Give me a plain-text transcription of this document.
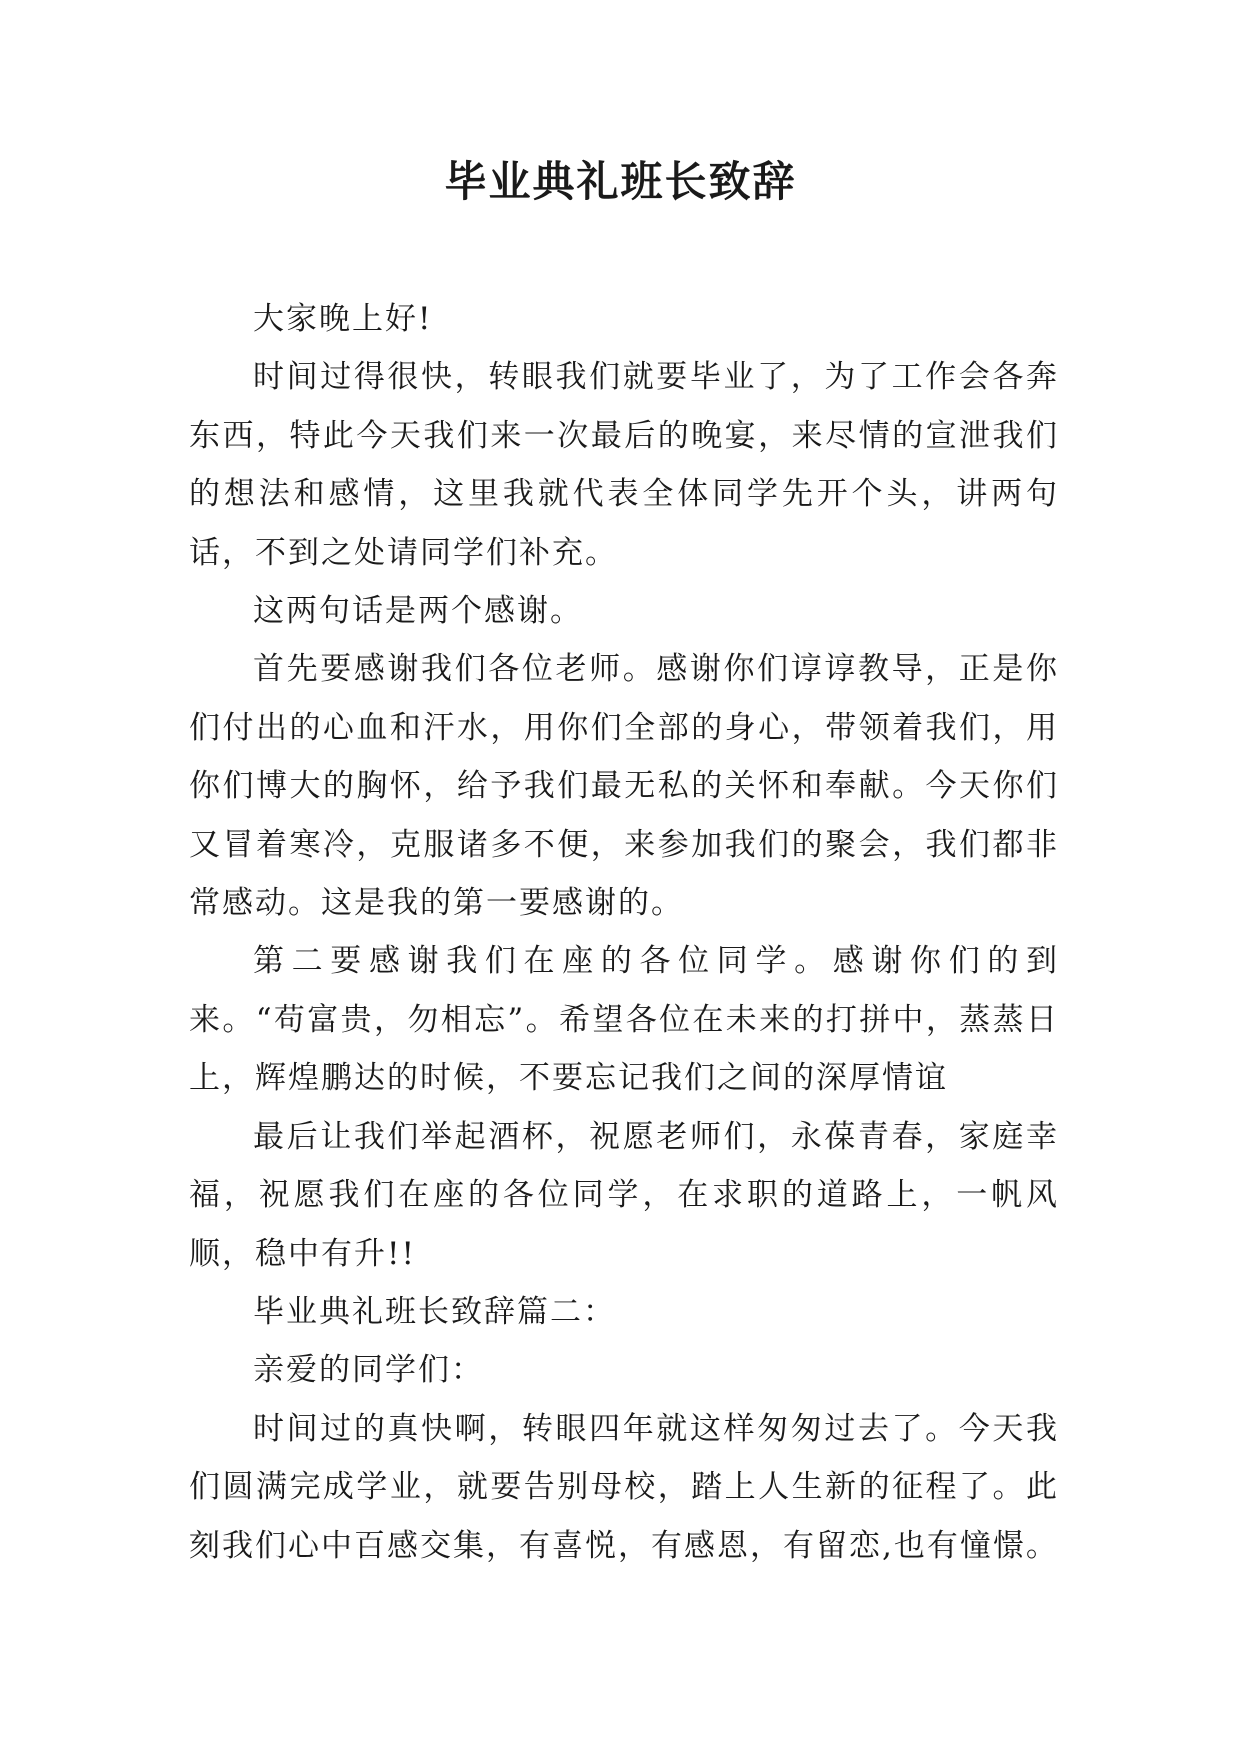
毕业典礼班长致辞

大家晚上好!

时间过得很快，转眼我们就要毕业了，为了工作会各奔东西，特此今天我们来一次最后的晚宴，来尽情的宣泄我们的想法和感情，这里我就代表全体同学先开个头，讲两句话，不到之处请同学们补充。

这两句话是两个感谢。

首先要感谢我们各位老师。感谢你们谆谆教导，正是你们付出的心血和汗水，用你们全部的身心，带领着我们，用你们博大的胸怀，给予我们最无私的关怀和奉献。今天你们又冒着寒冷，克服诸多不便，来参加我们的聚会，我们都非常感动。这是我的第一要感谢的。

第二要感谢我们在座的各位同学。感谢你们的到来。“苟富贵，勿相忘”。希望各位在未来的打拼中，蒸蒸日上，辉煌鹏达的时候，不要忘记我们之间的深厚情谊

最后让我们举起酒杯，祝愿老师们，永葆青春，家庭幸福，祝愿我们在座的各位同学，在求职的道路上，一帆风顺，稳中有升!!

毕业典礼班长致辞篇二：

亲爱的同学们：

时间过的真快啊，转眼四年就这样匆匆过去了。今天我们圆满完成学业，就要告别母校，踏上人生新的征程了。此刻我们心中百感交集，有喜悦，有感恩，有留恋,也有憧憬。
